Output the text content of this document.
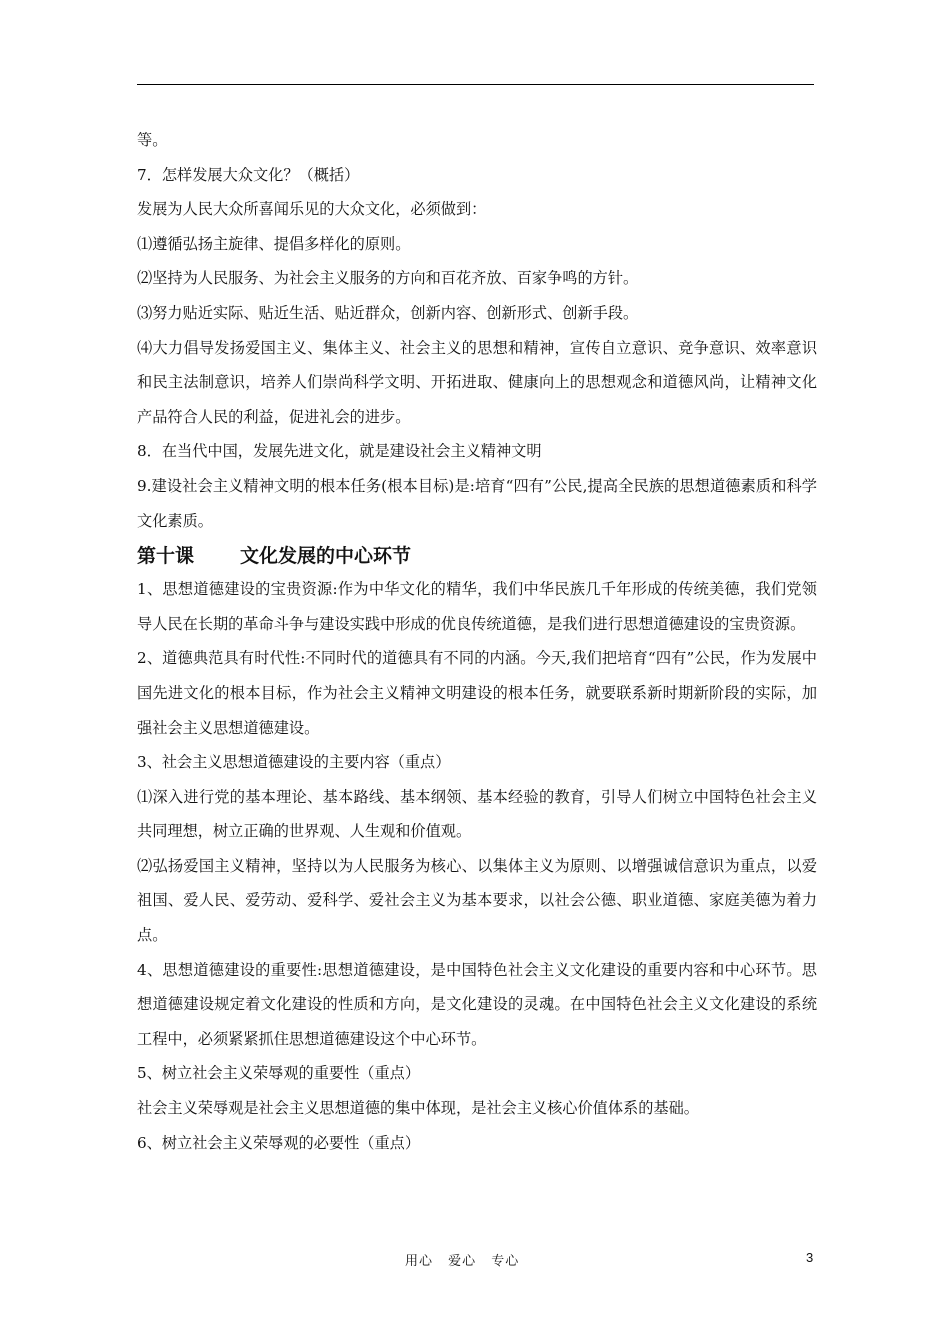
等。

7．怎样发展大众文化？（概括）

发展为人民大众所喜闻乐见的大众文化，必须做到：

⑴遵循弘扬主旋律、提倡多样化的原则。

⑵坚持为人民服务、为社会主义服务的方向和百花齐放、百家争鸣的方针。

⑶努力贴近实际、贴近生活、贴近群众，创新内容、创新形式、创新手段。

⑷大力倡导发扬爱国主义、集体主义、社会主义的思想和精神，宣传自立意识、竞争意识、效率意识和民主法制意识，培养人们崇尚科学文明、开拓进取、健康向上的思想观念和道德风尚，让精神文化产品符合人民的利益，促进礼会的进步。

8．在当代中国，发展先进文化，就是建设社会主义精神文明

9.建设社会主义精神文明的根本任务(根本目标)是:培育“四有”公民,提高全民族的思想道德素质和科学文化素质。

第十课 文化发展的中心环节

1、思想道德建设的宝贵资源:作为中华文化的精华，我们中华民族几千年形成的传统美德，我们党领导人民在长期的革命斗争与建设实践中形成的优良传统道德，是我们进行思想道德建设的宝贵资源。

2、道德典范具有时代性:不同时代的道德具有不同的内涵。今天,我们把培育“四有”公民，作为发展中国先进文化的根本目标，作为社会主义精神文明建设的根本任务，就要联系新时期新阶段的实际，加强社会主义思想道德建设。

3、社会主义思想道德建设的主要内容（重点）

⑴深入进行党的基本理论、基本路线、基本纲领、基本经验的教育，引导人们树立中国特色社会主义共同理想，树立正确的世界观、人生观和价值观。

⑵弘扬爱国主义精神，坚持以为人民服务为核心、以集体主义为原则、以增强诚信意识为重点，以爱祖国、爱人民、爱劳动、爱科学、爱社会主义为基本要求，以社会公德、职业道德、家庭美德为着力点。

4、思想道德建设的重要性:思想道德建设，是中国特色社会主义文化建设的重要内容和中心环节。思想道德建设规定着文化建设的性质和方向，是文化建设的灵魂。在中国特色社会主义文化建设的系统工程中，必须紧紧抓住思想道德建设这个中心环节。

5、树立社会主义荣辱观的重要性（重点）

社会主义荣辱观是社会主义思想道德的集中体现，是社会主义核心价值体系的基础。

6、树立社会主义荣辱观的必要性（重点）

用心 爱心 专心	3
